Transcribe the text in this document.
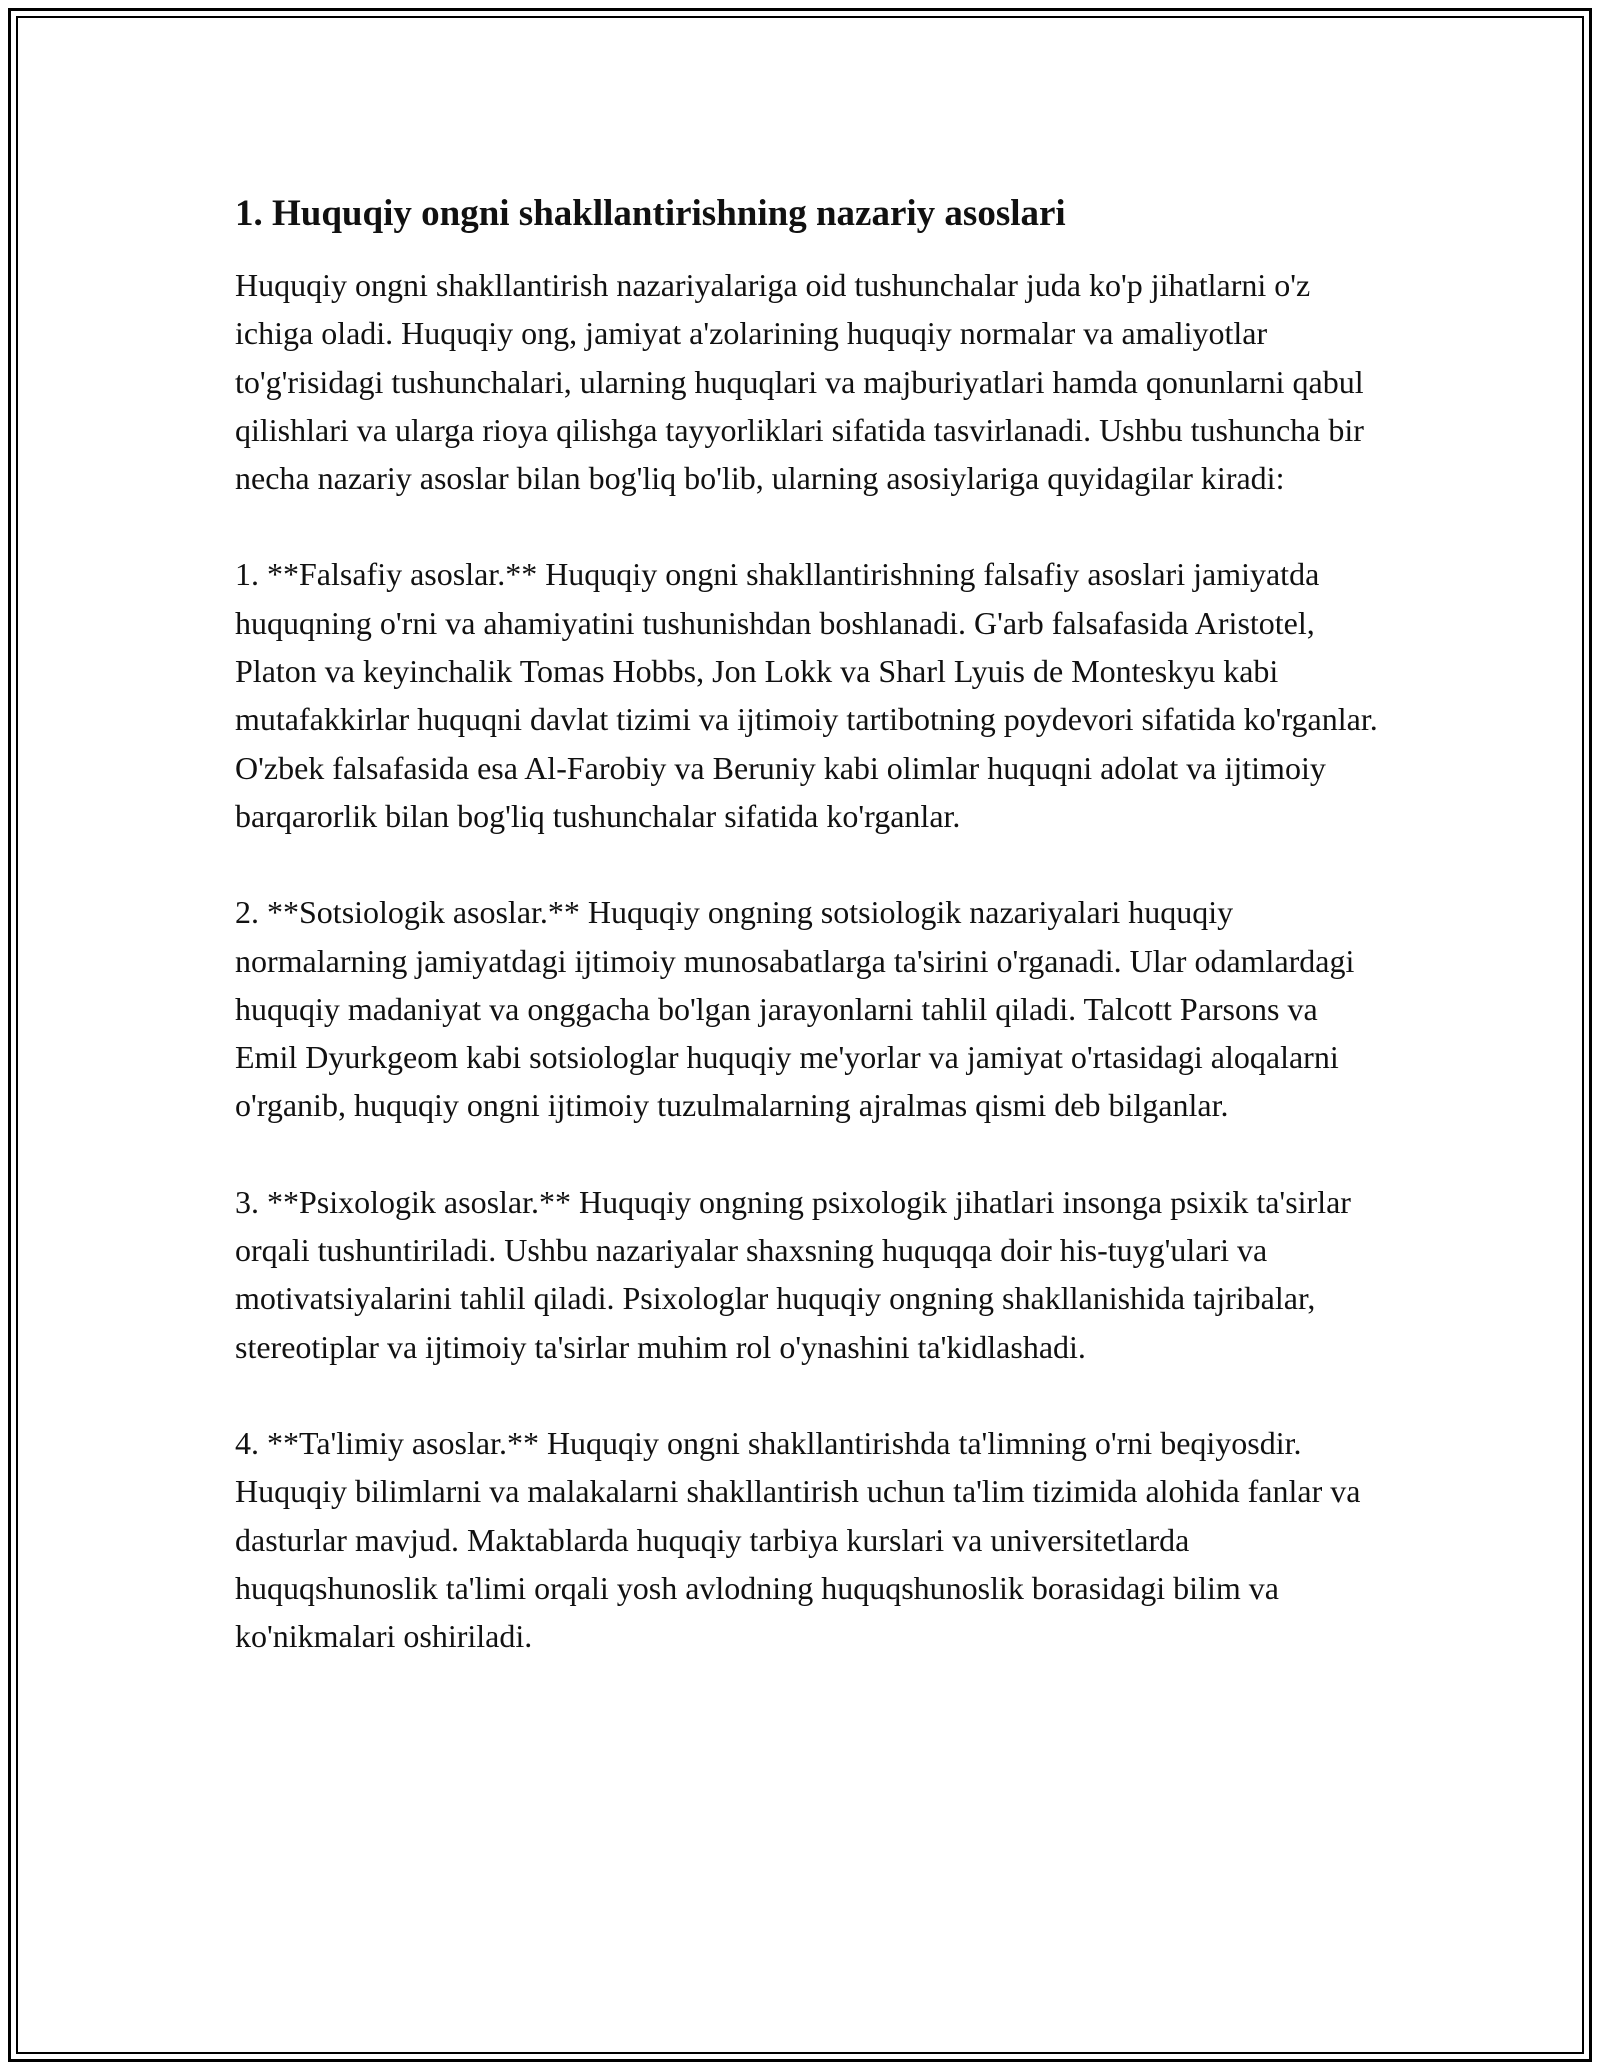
1. Huquqiy ongni shakllantirishning nazariy asoslari

Huquqiy ongni shakllantirish nazariyalariga oid tushunchalar juda ko'p jihatlarni o'z ichiga oladi. Huquqiy ong, jamiyat a'zolarining huquqiy normalar va amaliyotlar to'g'risidagi tushunchalari, ularning huquqlari va majburiyatlari hamda qonunlarni qabul qilishlari va ularga rioya qilishga tayyorliklari sifatida tasvirlanadi. Ushbu tushuncha bir necha nazariy asoslar bilan bog'liq bo'lib, ularning asosiylariga quyidagilar kiradi:

1. **Falsafiy asoslar.** Huquqiy ongni shakllantirishning falsafiy asoslari jamiyatda huquqning o'rni va ahamiyatini tushunishdan boshlanadi. G'arb falsafasida Aristotel, Platon va keyinchalik Tomas Hobbs, Jon Lokk va Sharl Lyuis de Monteskyu kabi mutafakkirlar huquqni davlat tizimi va ijtimoiy tartibotning poydevori sifatida ko'rganlar. O'zbek falsafasida esa Al-Farobiy va Beruniy kabi olimlar huquqni adolat va ijtimoiy barqarorlik bilan bog'liq tushunchalar sifatida ko'rganlar.

2. **Sotsiologik asoslar.** Huquqiy ongning sotsiologik nazariyalari huquqiy normalarning jamiyatdagi ijtimoiy munosabatlarga ta'sirini o'rganadi. Ular odamlardagi huquqiy madaniyat va onggacha bo'lgan jarayonlarni tahlil qiladi. Talcott Parsons va Emil Dyurkgeom kabi sotsiologlar huquqiy me'yorlar va jamiyat o'rtasidagi aloqalarni o'rganib, huquqiy ongni ijtimoiy tuzulmalarning ajralmas qismi deb bilganlar.

3. **Psixologik asoslar.** Huquqiy ongning psixologik jihatlari insonga psixik ta'sirlar orqali tushuntiriladi. Ushbu nazariyalar shaxsning huquqqa doir his-tuyg'ulari va motivatsiyalarini tahlil qiladi. Psixologlar huquqiy ongning shakllanishida tajribalar, stereotiplar va ijtimoiy ta'sirlar muhim rol o'ynashini ta'kidlashadi.

4. **Ta'limiy asoslar.** Huquqiy ongni shakllantirishda ta'limning o'rni beqiyosdir. Huquqiy bilimlarni va malakalarni shakllantirish uchun ta'lim tizimida alohida fanlar va dasturlar mavjud. Maktablarda huquqiy tarbiya kurslari va universitetlarda huquqshunoslik ta'limi orqali yosh avlodning huquqshunoslik borasidagi bilim va ko'nikmalari oshiriladi.
